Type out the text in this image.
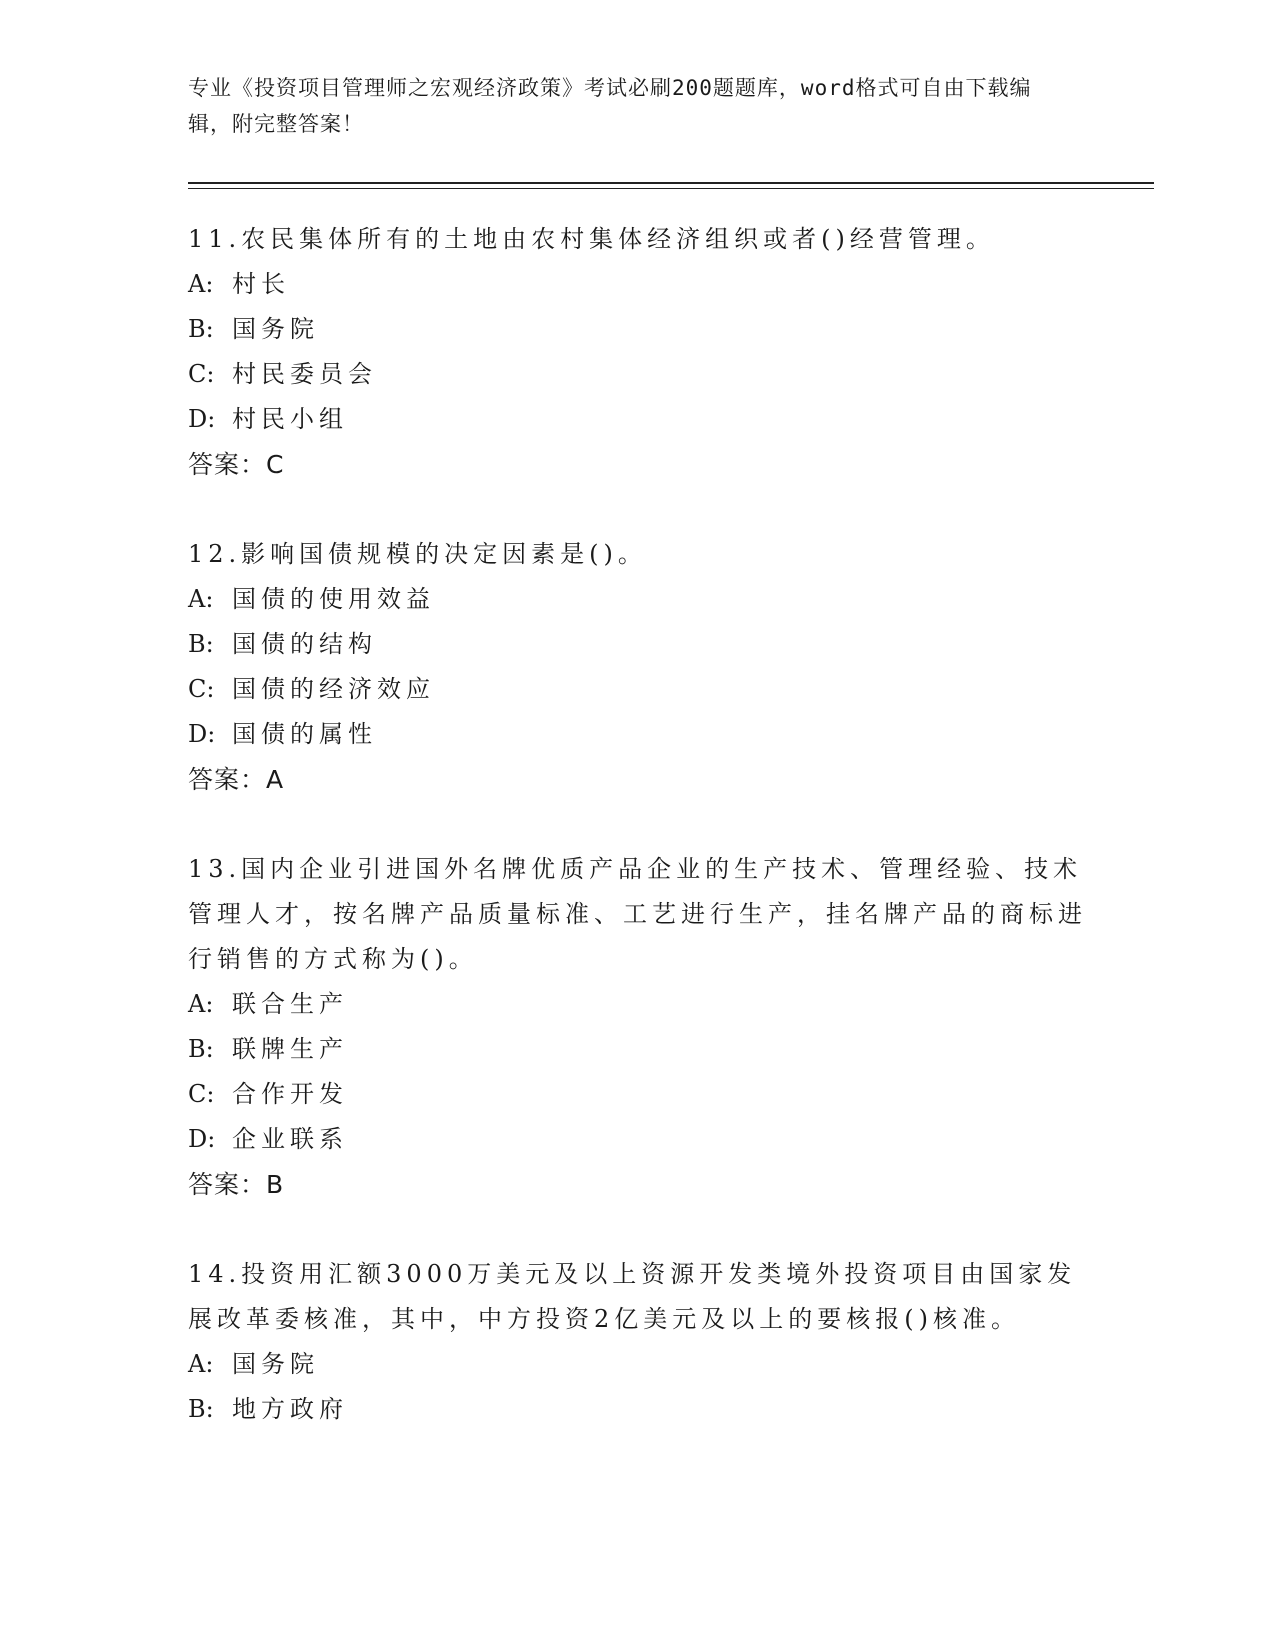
专业《投资项目管理师之宏观经济政策》考试必刷200题题库，word格式可自由下载编辑，附完整答案！

11.农民集体所有的土地由农村集体经济组织或者()经营管理。

A: 村长
B: 国务院
C: 村民委员会
D: 村民小组

答案：C

12.影响国债规模的决定因素是()。

A: 国债的使用效益
B: 国债的结构
C: 国债的经济效应
D: 国债的属性

答案：A

13.国内企业引进国外名牌优质产品企业的生产技术、管理经验、技术管理人才，按名牌产品质量标准、工艺进行生产，挂名牌产品的商标进行销售的方式称为()。

A: 联合生产
B: 联牌生产
C: 合作开发
D: 企业联系

答案：B

14.投资用汇额3000万美元及以上资源开发类境外投资项目由国家发展改革委核准，其中，中方投资2亿美元及以上的要核报()核准。

A: 国务院
B: 地方政府
